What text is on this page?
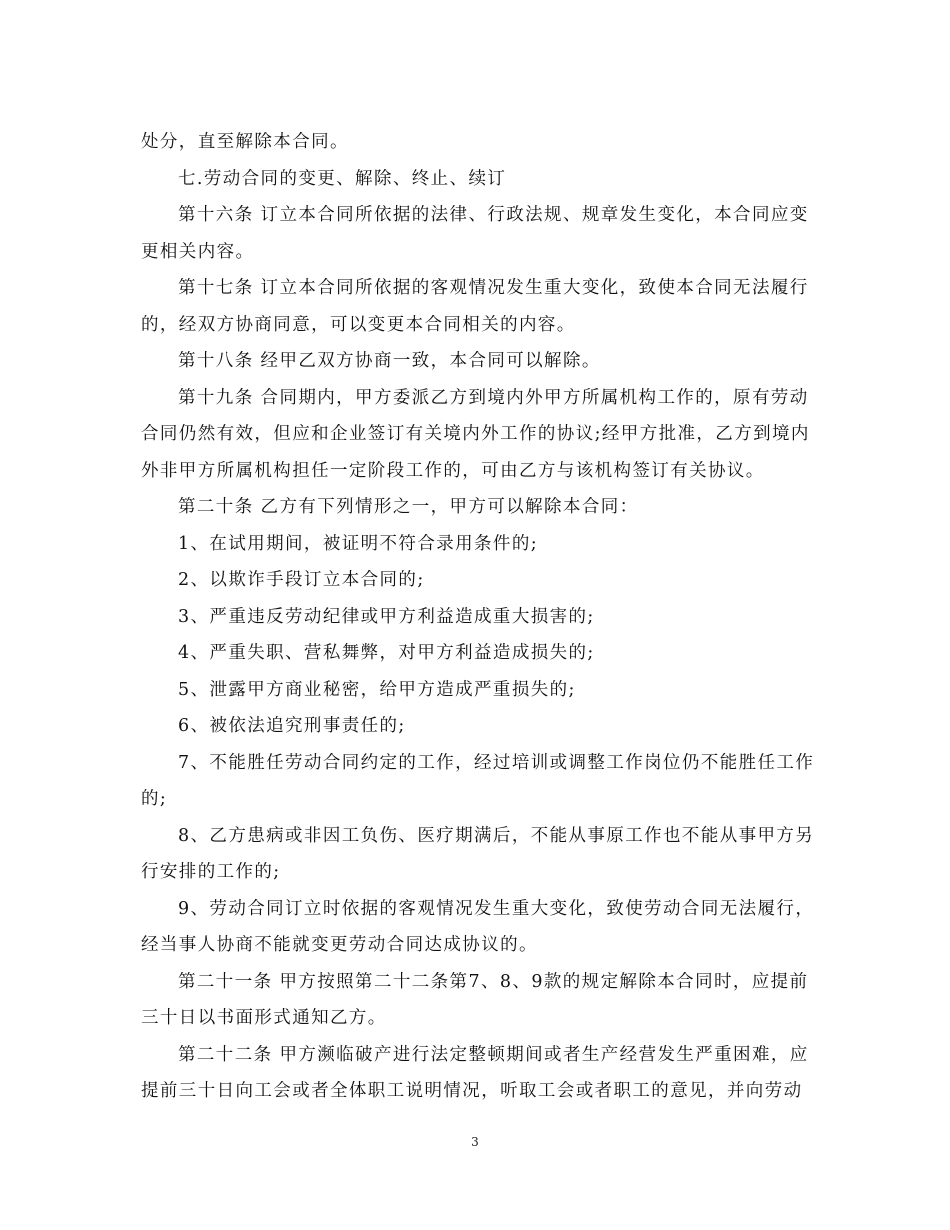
处分，直至解除本合同。
七.劳动合同的变更、解除、终止、续订
第十六条 订立本合同所依据的法律、行政法规、规章发生变化，本合同应变
更相关内容。
第十七条 订立本合同所依据的客观情况发生重大变化，致使本合同无法履行
的，经双方协商同意，可以变更本合同相关的内容。
第十八条 经甲乙双方协商一致，本合同可以解除。
第十九条 合同期内，甲方委派乙方到境内外甲方所属机构工作的，原有劳动
合同仍然有效，但应和企业签订有关境内外工作的协议;经甲方批准，乙方到境内
外非甲方所属机构担任一定阶段工作的，可由乙方与该机构签订有关协议。
第二十条 乙方有下列情形之一，甲方可以解除本合同：
1、在试用期间，被证明不符合录用条件的;
2、以欺诈手段订立本合同的;
3、严重违反劳动纪律或甲方利益造成重大损害的;
4、严重失职、营私舞弊，对甲方利益造成损失的;
5、泄露甲方商业秘密，给甲方造成严重损失的;
6、被依法追究刑事责任的;
7、不能胜任劳动合同约定的工作，经过培训或调整工作岗位仍不能胜任工作
的;
8、乙方患病或非因工负伤、医疗期满后，不能从事原工作也不能从事甲方另
行安排的工作的;
9、劳动合同订立时依据的客观情况发生重大变化，致使劳动合同无法履行，
经当事人协商不能就变更劳动合同达成协议的。
第二十一条 甲方按照第二十二条第7、8、9款的规定解除本合同时，应提前
三十日以书面形式通知乙方。
第二十二条 甲方濒临破产进行法定整顿期间或者生产经营发生严重困难，应
提前三十日向工会或者全体职工说明情况，听取工会或者职工的意见，并向劳动
3
